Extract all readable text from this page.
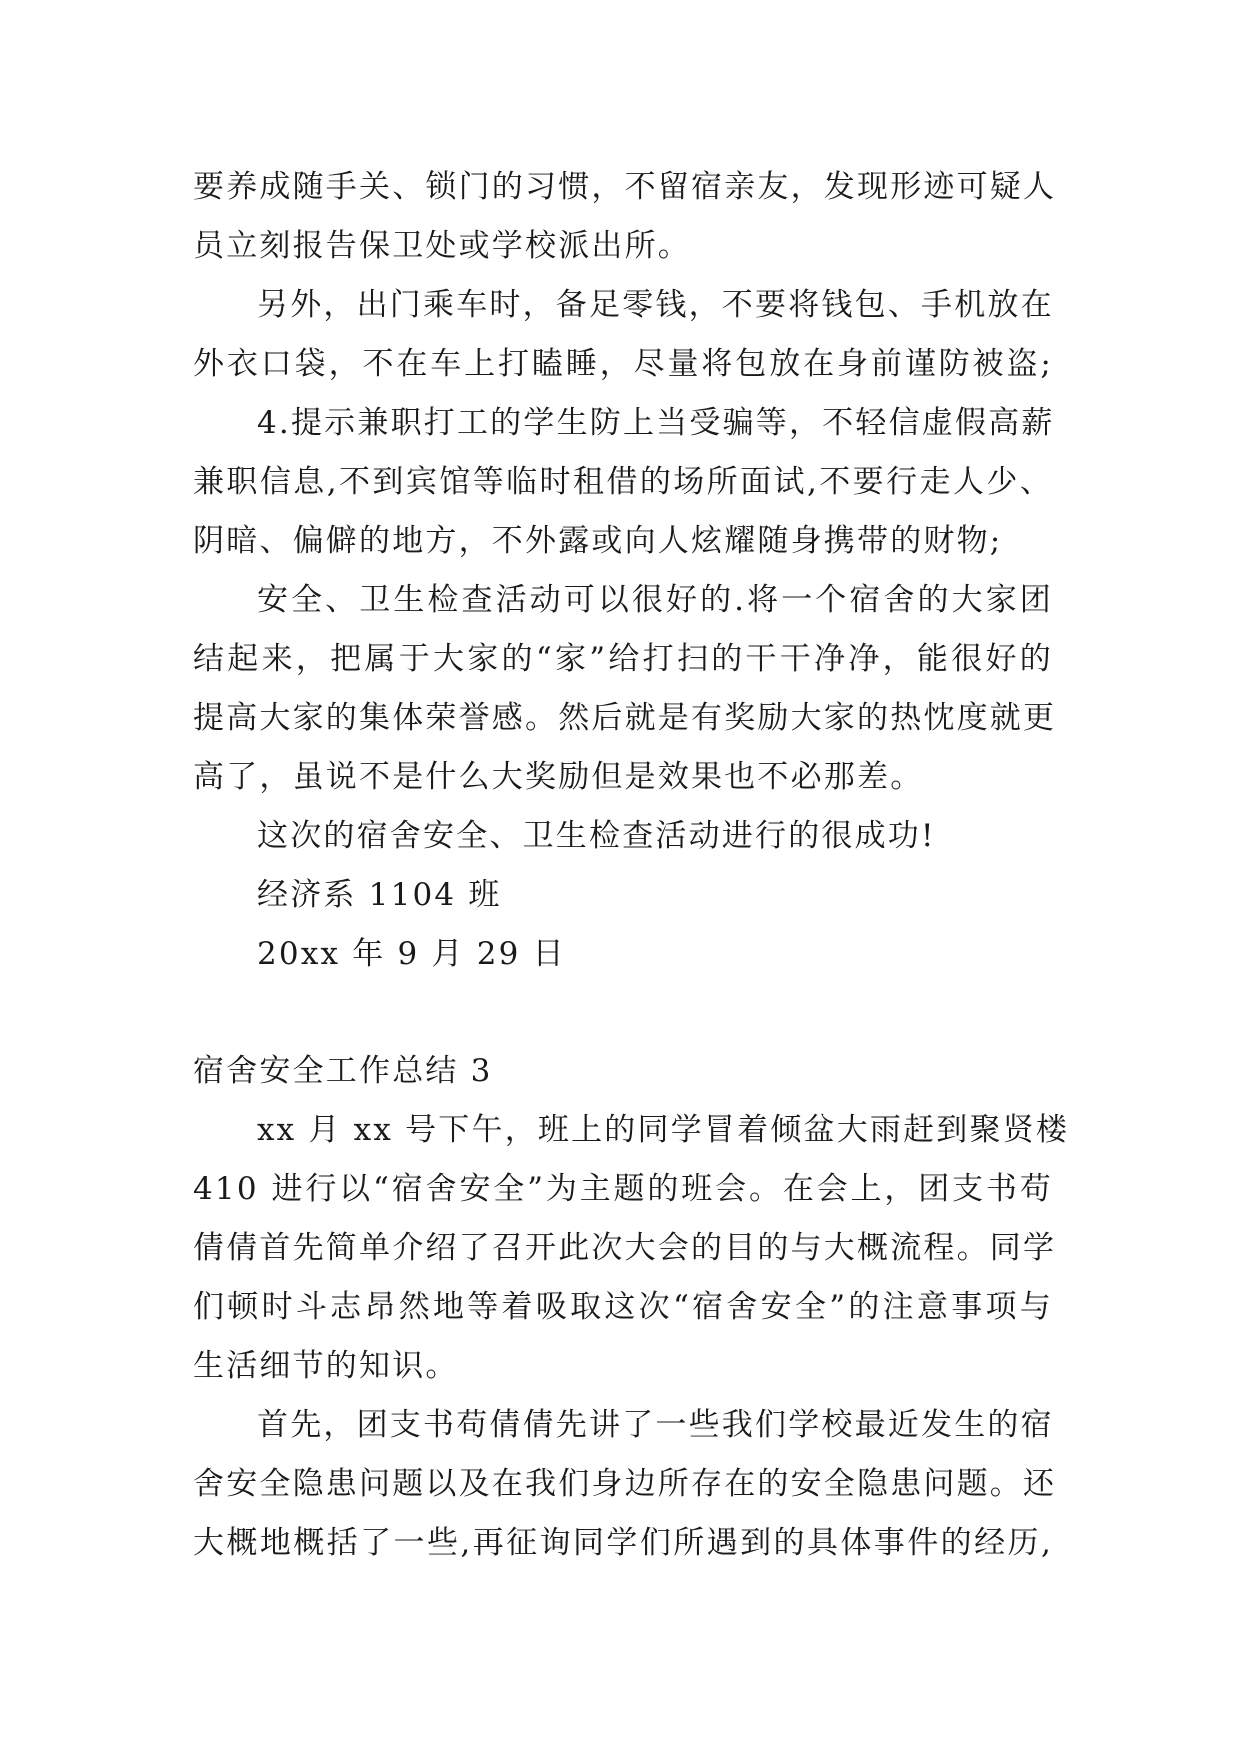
要养成随手关、锁门的习惯，不留宿亲友，发现形迹可疑人
员立刻报告保卫处或学校派出所。
另外，出门乘车时，备足零钱，不要将钱包、手机放在
外衣口袋，不在车上打瞌睡，尽量将包放在身前谨防被盗;
4.提示兼职打工的学生防上当受骗等，不轻信虚假高薪
兼职信息,不到宾馆等临时租借的场所面试,不要行走人少、
阴暗、偏僻的地方，不外露或向人炫耀随身携带的财物;
安全、卫生检查活动可以很好的.将一个宿舍的大家团
结起来，把属于大家的“家”给打扫的干干净净，能很好的
提高大家的集体荣誉感。然后就是有奖励大家的热忱度就更
高了，虽说不是什么大奖励但是效果也不必那差。
这次的宿舍安全、卫生检查活动进行的很成功!
经济系 1104 班
20xx 年 9 月 29 日
宿舍安全工作总结 3
xx 月 xx 号下午，班上的同学冒着倾盆大雨赶到聚贤楼
410 进行以“宿舍安全”为主题的班会。在会上，团支书苟
倩倩首先简单介绍了召开此次大会的目的与大概流程。同学
们顿时斗志昂然地等着吸取这次“宿舍安全”的注意事项与
生活细节的知识。
首先，团支书苟倩倩先讲了一些我们学校最近发生的宿
舍安全隐患问题以及在我们身边所存在的安全隐患问题。还
大概地概括了一些,再征询同学们所遇到的具体事件的经历,
